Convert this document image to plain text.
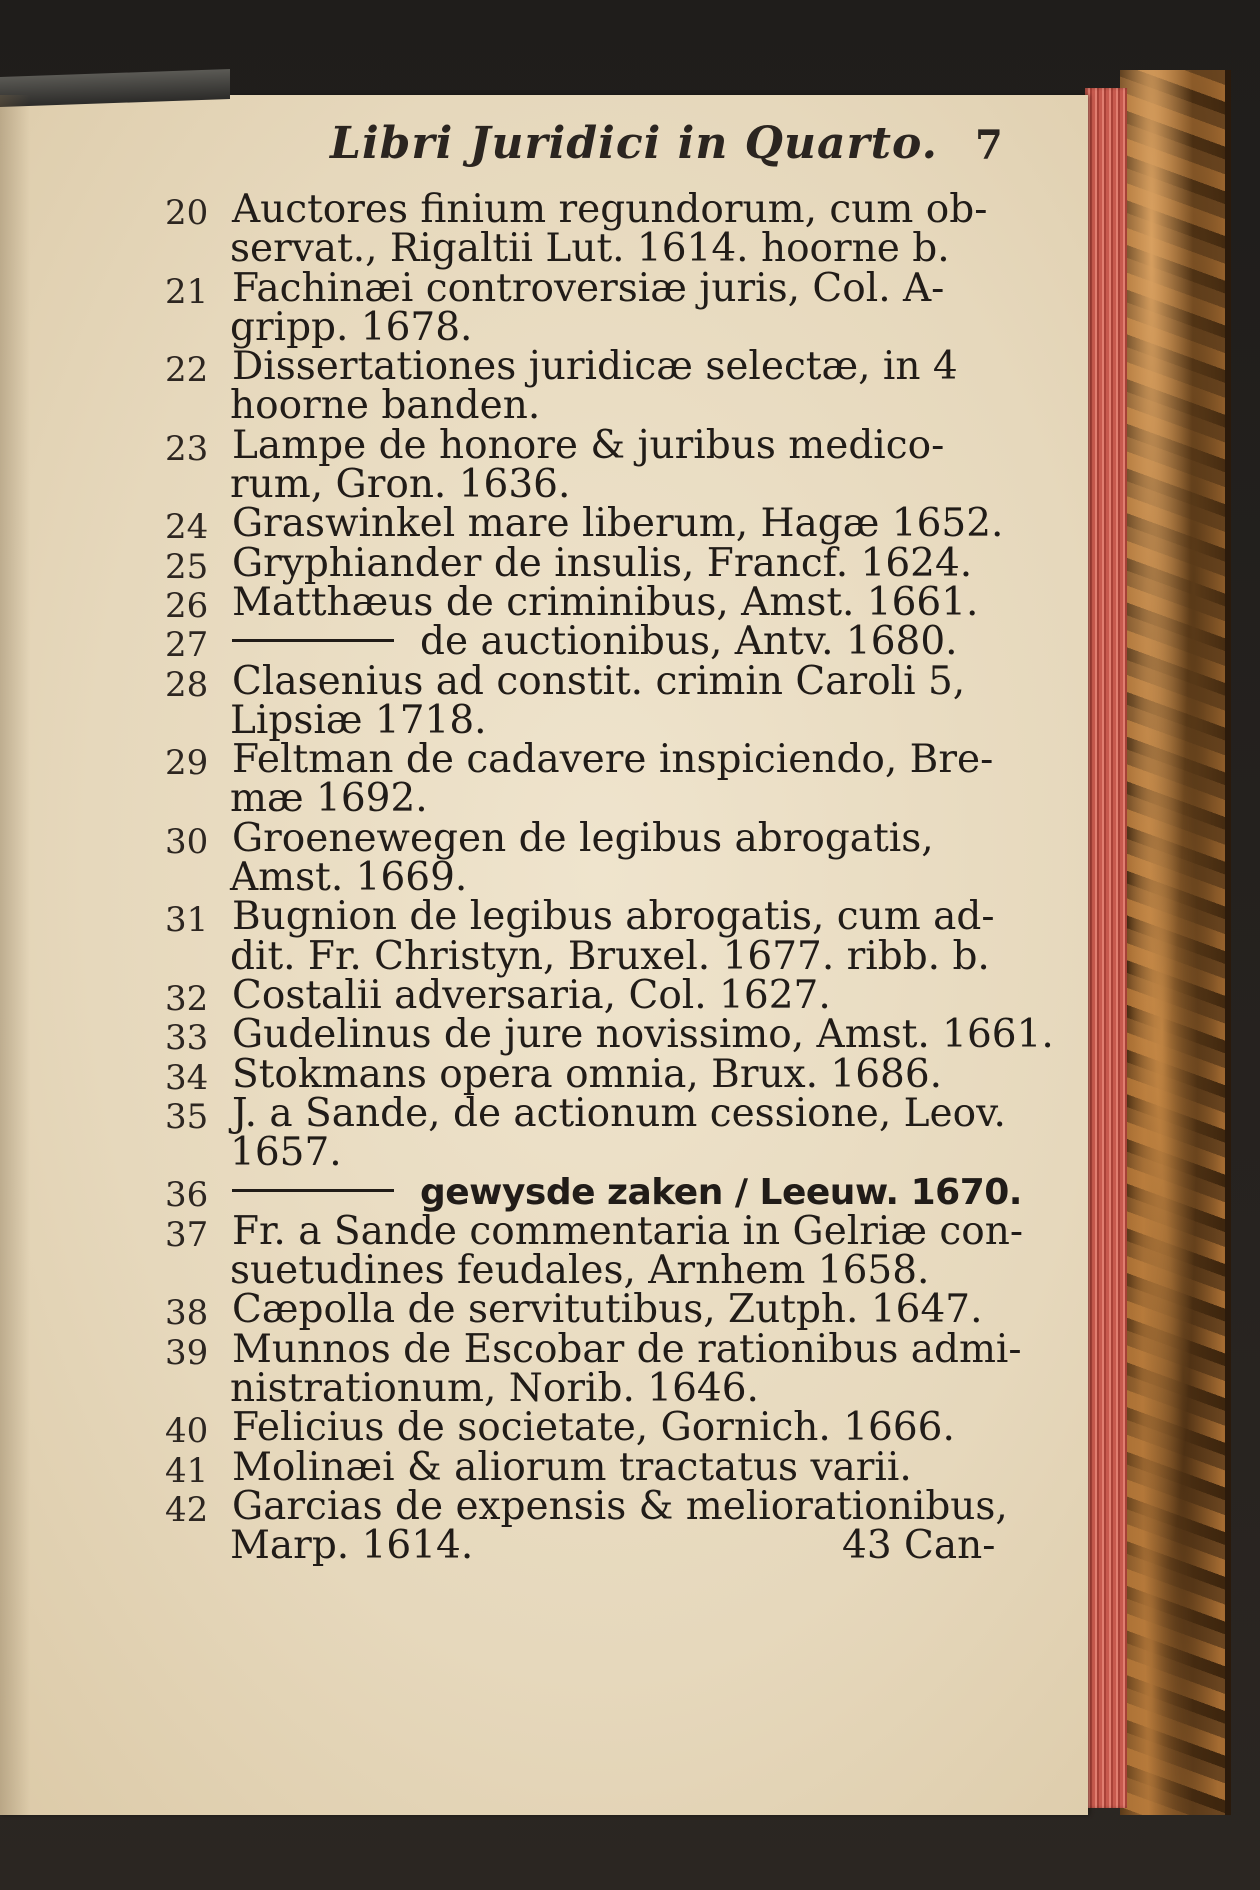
Libri Juridici in Quarto. 7
20 Auctores finium regundorum, cum ob-
servat., Rigaltii Lut. 1614. hoorne b.
21 Fachinæi controversiæ juris, Col. A-
gripp. 1678.
22 Dissertationes juridicæ selectæ, in 4
hoorne banden.
23 Lampe de honore & juribus medico-
rum, Gron. 1636.
24 Graswinkel mare liberum, Hagæ 1652.
25 Gryphiander de insulis, Francf. 1624.
26 Matthæus de criminibus, Amst. 1661.
27	de auctionibus, Antv. 1680.
28 Clasenius ad constit. crimin Caroli 5,
Lipsiæ 1718.
29 Feltman de cadavere inspiciendo, Bre-
mæ 1692.
30 Groenewegen de legibus abrogatis,
Amst. 1669.
31 Bugnion de legibus abrogatis, cum ad-
dit. Fr. Christyn, Bruxel. 1677. ribb. b.
32 Costalii adversaria, Col. 1627.
33 Gudelinus de jure novissimo, Amst. 1661.
34 Stokmans opera omnia, Brux. 1686.
35 J. a Sande, de actionum cessione, Leov.
1657.
36	gewysde zaken / Leeuw. 1670.
37 Fr. a Sande commentaria in Gelriæ con-
suetudines feudales, Arnhem 1658.
38 Cæpolla de servitutibus, Zutph. 1647.
39 Munnos de Escobar de rationibus admi-
nistrationum, Norib. 1646.
40 Felicius de societate, Gornich. 1666.
41 Molinæi & aliorum tractatus varii.
42 Garcias de expensis & meliorationibus,
Marp. 1614.	43 Can-
